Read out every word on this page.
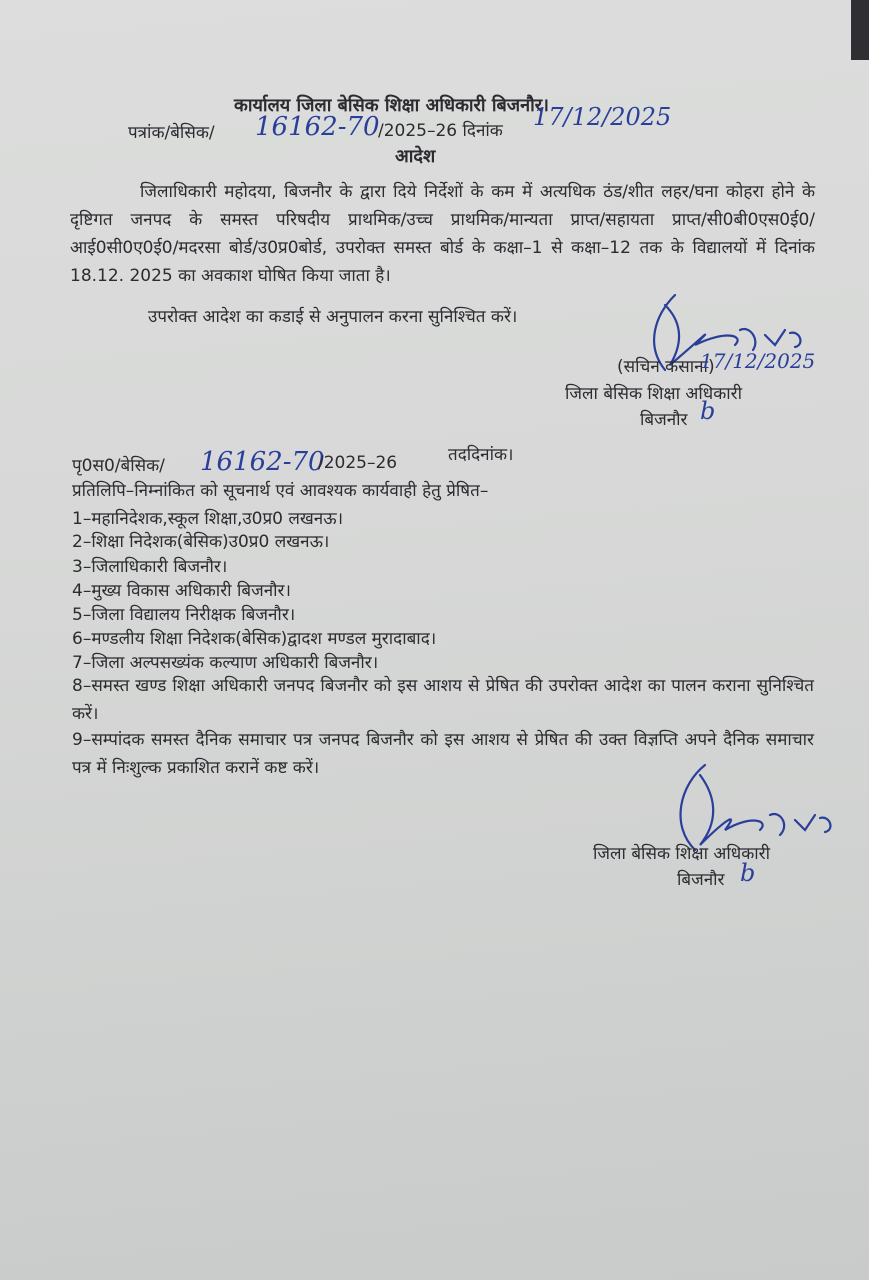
कार्यालय जिला बेसिक शिक्षा अधिकारी बिजनौर।
पत्रांक/बेसिक/ 16162-70
/2025–26 दिनांक 17/12/2025
आदेश
जिलाधिकारी महोदया, बिजनौर के द्वारा दिये निर्देशों के कम में अत्यधिक ठंड/शीत लहर/घना कोहरा होने के दृष्टिगत जनपद के समस्त परिषदीय प्राथमिक/उच्च प्राथमिक/मान्यता प्राप्त/सहायता प्राप्त/सी0बी0एस0ई0/आई0सी0ए0ई0/मदरसा बोर्ड/उ0प्र0बोर्ड, उपरोक्त समस्त बोर्ड के कक्षा–1 से कक्षा–12 तक के विद्यालयों में दिनांक 18.12. 2025 का अवकाश घोषित किया जाता है।
उपरोक्त आदेश का कडाई से अनुपालन करना सुनिश्चित करें।
(सचिन कसाना)
17/12/2025
जिला बेसिक शिक्षा अधिकारी
बिजनौर b
पृ0स0/बेसिक/ 16162-70
/2025–26	तददिनांक।
प्रतिलिपि–निम्नांकित को सूचनार्थ एवं आवश्यक कार्यवाही हेतु प्रेषित–
1–महानिदेशक,स्कूल शिक्षा,उ0प्र0 लखनऊ।
2–शिक्षा निदेशक(बेसिक)उ0प्र0 लखनऊ।
3–जिलाधिकारी बिजनौर।
4–मुख्य विकास अधिकारी बिजनौर।
5–जिला विद्यालय निरीक्षक बिजनौर।
6–मण्डलीय शिक्षा निदेशक(बेसिक)द्वादश मण्डल मुरादाबाद।
7–जिला अल्पसख्यंक कल्याण अधिकारी बिजनौर।
8–समस्त खण्ड शिक्षा अधिकारी जनपद बिजनौर को इस आशय से प्रेषित की उपरोक्त आदेश का पालन कराना सुनिश्चित करें।
9–सम्पांदक समस्त दैनिक समाचार पत्र जनपद बिजनौर को इस आशय से प्रेषित की उक्त विज्ञप्ति अपने दैनिक समाचार पत्र में निःशुल्क प्रकाशित करानें कष्ट करें।
जिला बेसिक शिक्षा अधिकारी
बिजनौर b
